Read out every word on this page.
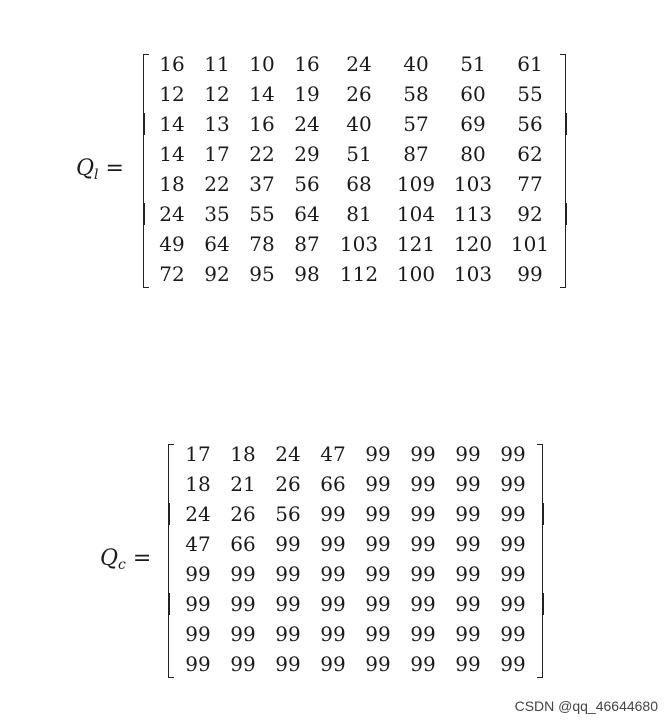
$Q_l$ =
16 11 10 16 24 40 51 61
12 12 14 19 26 58 60 55
14 13 16 24 40 57 69 56
14 17 22 29 51 87 80 62
18 22 37 56 68 109 103 77
24 35 55 64 81 104 113 92
49 64 78 87 103 121 120 101
72 92 95 98 112 100 103 99
$Q_c$ =
17 18 24 47 99 99 99 99
18 21 26 66 99 99 99 99
24 26 56 99 99 99 99 99
47 66 99 99 99 99 99 99
99 99 99 99 99 99 99 99
99 99 99 99 99 99 99 99
99 99 99 99 99 99 99 99
99 99 99 99 99 99 99 99
CSDN @qq_46644680
